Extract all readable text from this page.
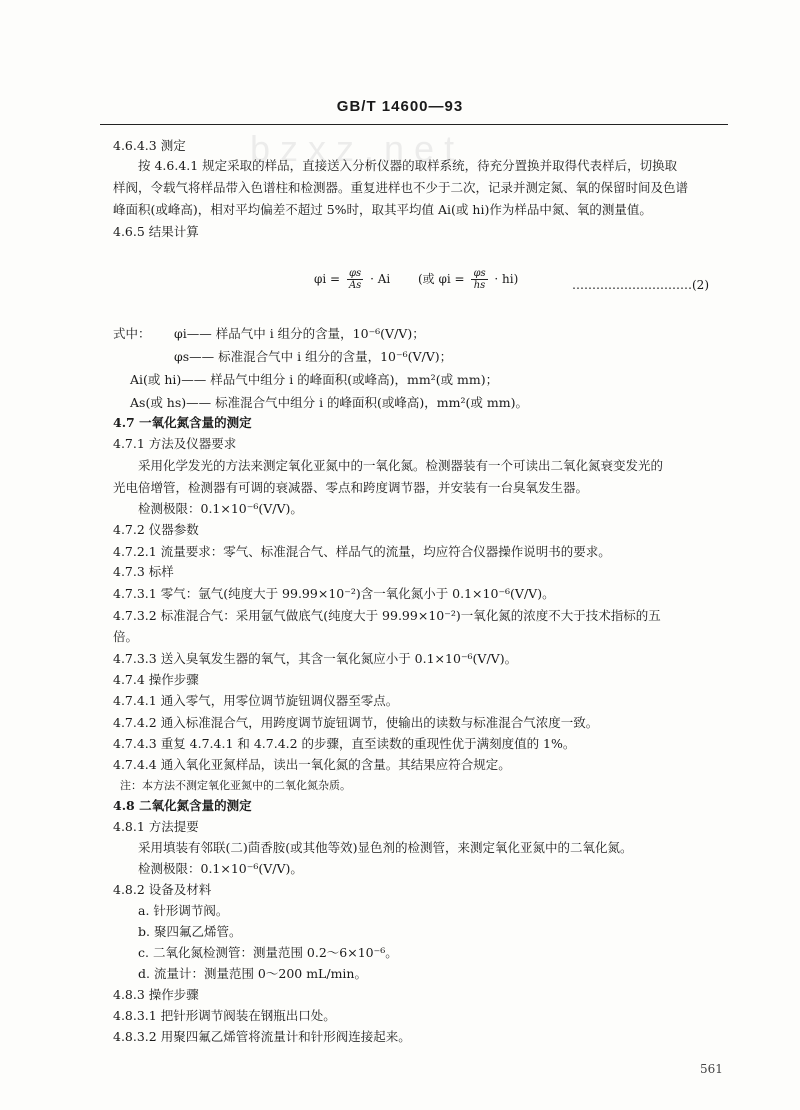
bzxz.net
GB/T 14600—93
4.6.4.3 测定
按 4.6.4.1 规定采取的样品，直接送入分析仪器的取样系统，待充分置换并取得代表样后，切换取
样阀，令载气将样品带入色谱柱和检测器。重复进样也不少于二次，记录并测定氮、氧的保留时间及色谱
峰面积(或峰高)，相对平均偏差不超过 5%时，取其平均值 Ai(或 hi)作为样品中氮、氧的测量值。
4.6.5 结果计算
式中： φi—— 样品气中 i 组分的含量，10⁻⁶(V/V)；
φs—— 标准混合气中 i 组分的含量，10⁻⁶(V/V)；
Ai(或 hi)—— 样品气中组分 i 的峰面积(或峰高)，mm²(或 mm)；
As(或 hs)—— 标准混合气中组分 i 的峰面积(或峰高)，mm²(或 mm)。
4.7 一氧化氮含量的测定
4.7.1 方法及仪器要求
采用化学发光的方法来测定氧化亚氮中的一氧化氮。检测器装有一个可读出二氧化氮衰变发光的
光电倍增管，检测器有可调的衰减器、零点和跨度调节器，并安装有一台臭氧发生器。
检测极限：0.1×10⁻⁶(V/V)。
4.7.2 仪器参数
4.7.2.1 流量要求：零气、标准混合气、样品气的流量，均应符合仪器操作说明书的要求。
4.7.3 标样
4.7.3.1 零气：氩气(纯度大于 99.99×10⁻²)含一氧化氮小于 0.1×10⁻⁶(V/V)。
4.7.3.2 标准混合气：采用氩气做底气(纯度大于 99.99×10⁻²)一氧化氮的浓度不大于技术指标的五
倍。
4.7.3.3 送入臭氧发生器的氧气，其含一氧化氮应小于 0.1×10⁻⁶(V/V)。
4.7.4 操作步骤
4.7.4.1 通入零气，用零位调节旋钮调仪器至零点。
4.7.4.2 通入标准混合气，用跨度调节旋钮调节，使输出的读数与标准混合气浓度一致。
4.7.4.3 重复 4.7.4.1 和 4.7.4.2 的步骤，直至读数的重现性优于满刻度值的 1%。
4.7.4.4 通入氧化亚氮样品，读出一氧化氮的含量。其结果应符合规定。
注：本方法不测定氧化亚氮中的二氧化氮杂质。
4.8 二氧化氮含量的测定
4.8.1 方法提要
采用填装有邻联(二)茴香胺(或其他等效)显色剂的检测管，来测定氧化亚氮中的二氧化氮。
检测极限：0.1×10⁻⁶(V/V)。
4.8.2 设备及材料
a. 针形调节阀。
b. 聚四氟乙烯管。
c. 二氧化氮检测管：测量范围 0.2～6×10⁻⁶。
d. 流量计：测量范围 0～200 mL/min。
4.8.3 操作步骤
4.8.3.1 把针形调节阀装在钢瓶出口处。
4.8.3.2 用聚四氟乙烯管将流量计和针形阀连接起来。
$\varphi i = \frac{\varphi s}{As} \cdot Ai$ (或 $\varphi i = \frac{\varphi s}{hs} \cdot hi$)	…………………………(2)
561
